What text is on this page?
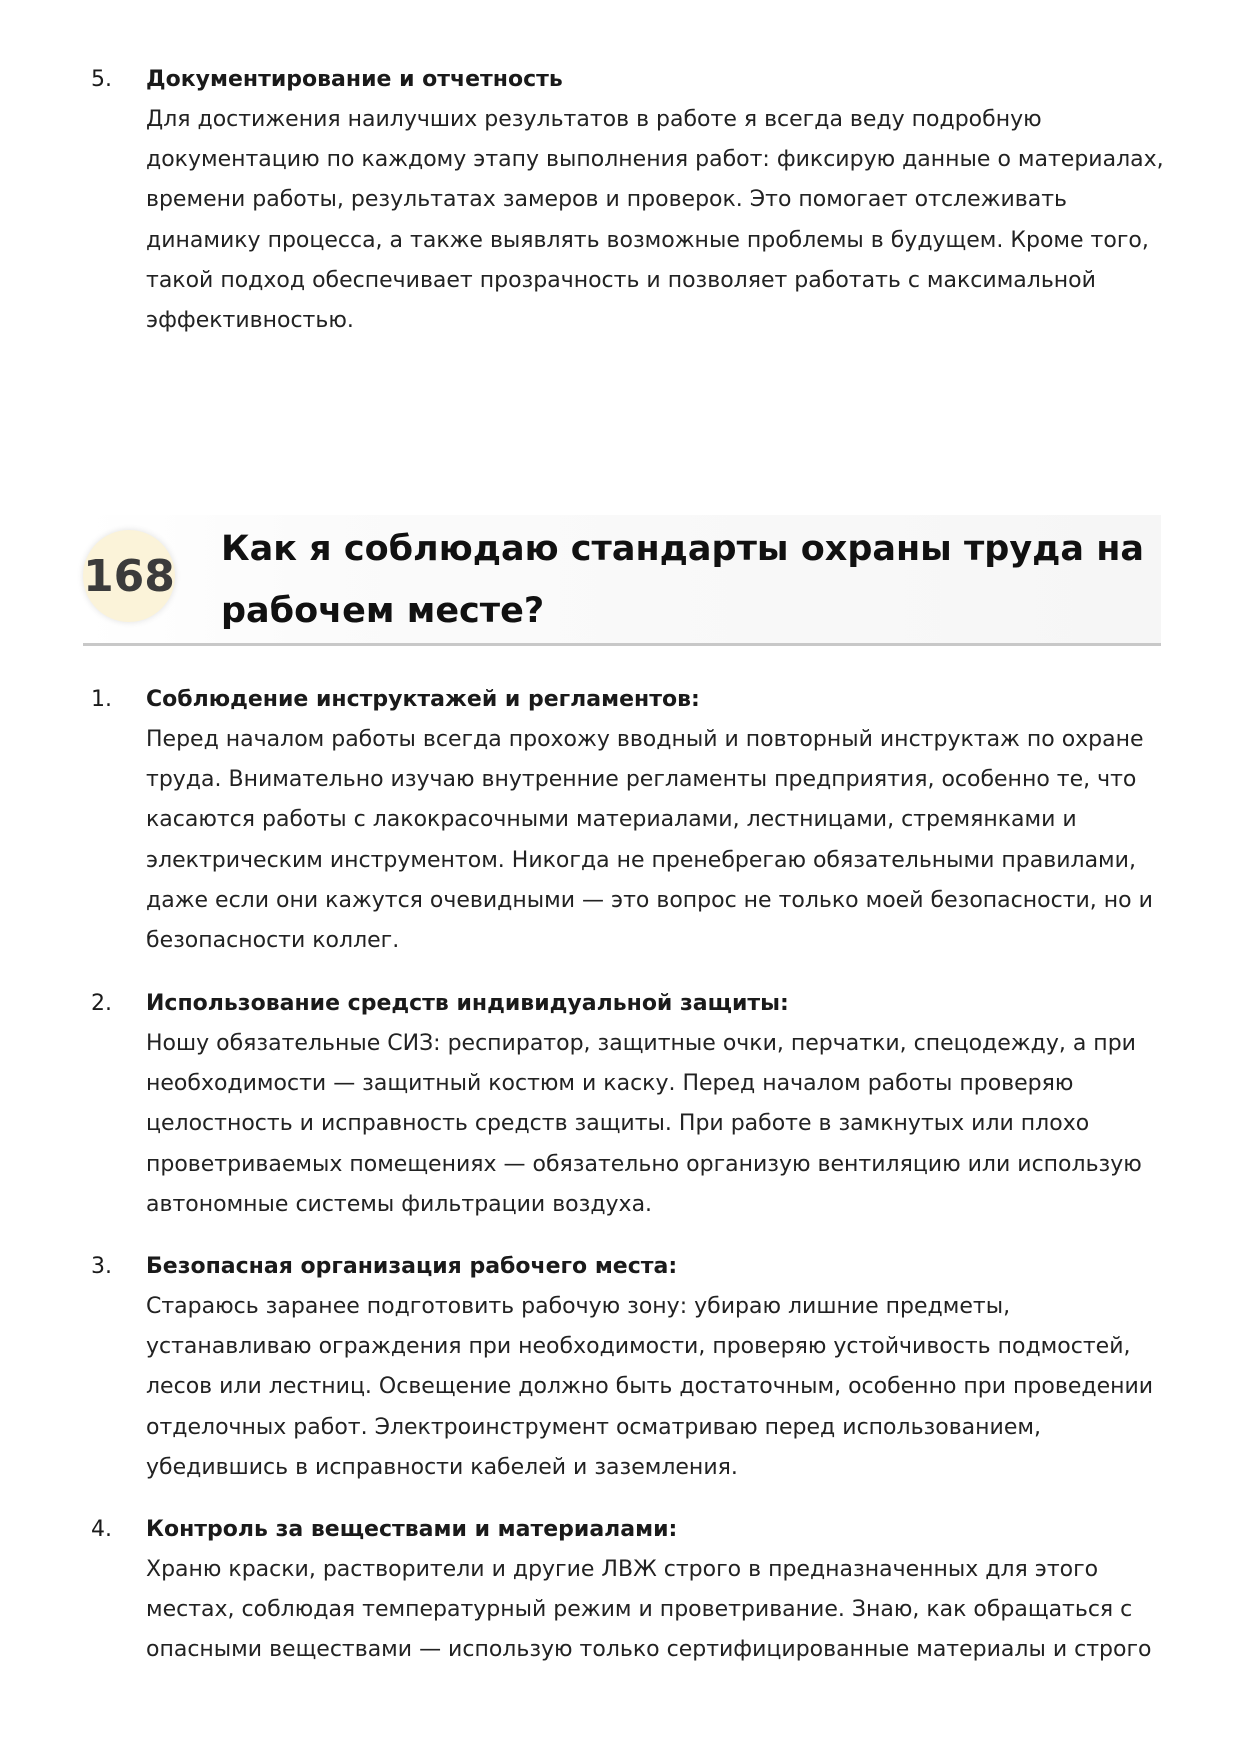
5.	Документирование и отчетность

Для достижения наилучших результатов в работе я всегда веду подробную
документацию по каждому этапу выполнения работ: фиксирую данные о материалах,
времени работы, результатах замеров и проверок. Это помогает отслеживать
динамику процесса, а также выявлять возможные проблемы в будущем. Кроме того,
такой подход обеспечивает прозрачность и позволяет работать с максимальной
эффективностью.

168
Как я соблюдаю стандарты охраны труда на
рабочем месте?
1.	Соблюдение инструктажей и регламентов:

Перед началом работы всегда прохожу вводный и повторный инструктаж по охране
труда. Внимательно изучаю внутренние регламенты предприятия, особенно те, что
касаются работы с лакокрасочными материалами, лестницами, стремянками и
электрическим инструментом. Никогда не пренебрегаю обязательными правилами,
даже если они кажутся очевидными — это вопрос не только моей безопасности, но и
безопасности коллег.

2.	Использование средств индивидуальной защиты:

Ношу обязательные СИЗ: респиратор, защитные очки, перчатки, спецодежду, а при
необходимости — защитный костюм и каску. Перед началом работы проверяю
целостность и исправность средств защиты. При работе в замкнутых или плохо
проветриваемых помещениях — обязательно организую вентиляцию или использую
автономные системы фильтрации воздуха.

3.	Безопасная организация рабочего места:

Стараюсь заранее подготовить рабочую зону: убираю лишние предметы,
устанавливаю ограждения при необходимости, проверяю устойчивость подмостей,
лесов или лестниц. Освещение должно быть достаточным, особенно при проведении
отделочных работ. Электроинструмент осматриваю перед использованием,
убедившись в исправности кабелей и заземления.

4.	Контроль за веществами и материалами:

Храню краски, растворители и другие ЛВЖ строго в предназначенных для этого
местах, соблюдая температурный режим и проветривание. Знаю, как обращаться с
опасными веществами — использую только сертифицированные материалы и строго
